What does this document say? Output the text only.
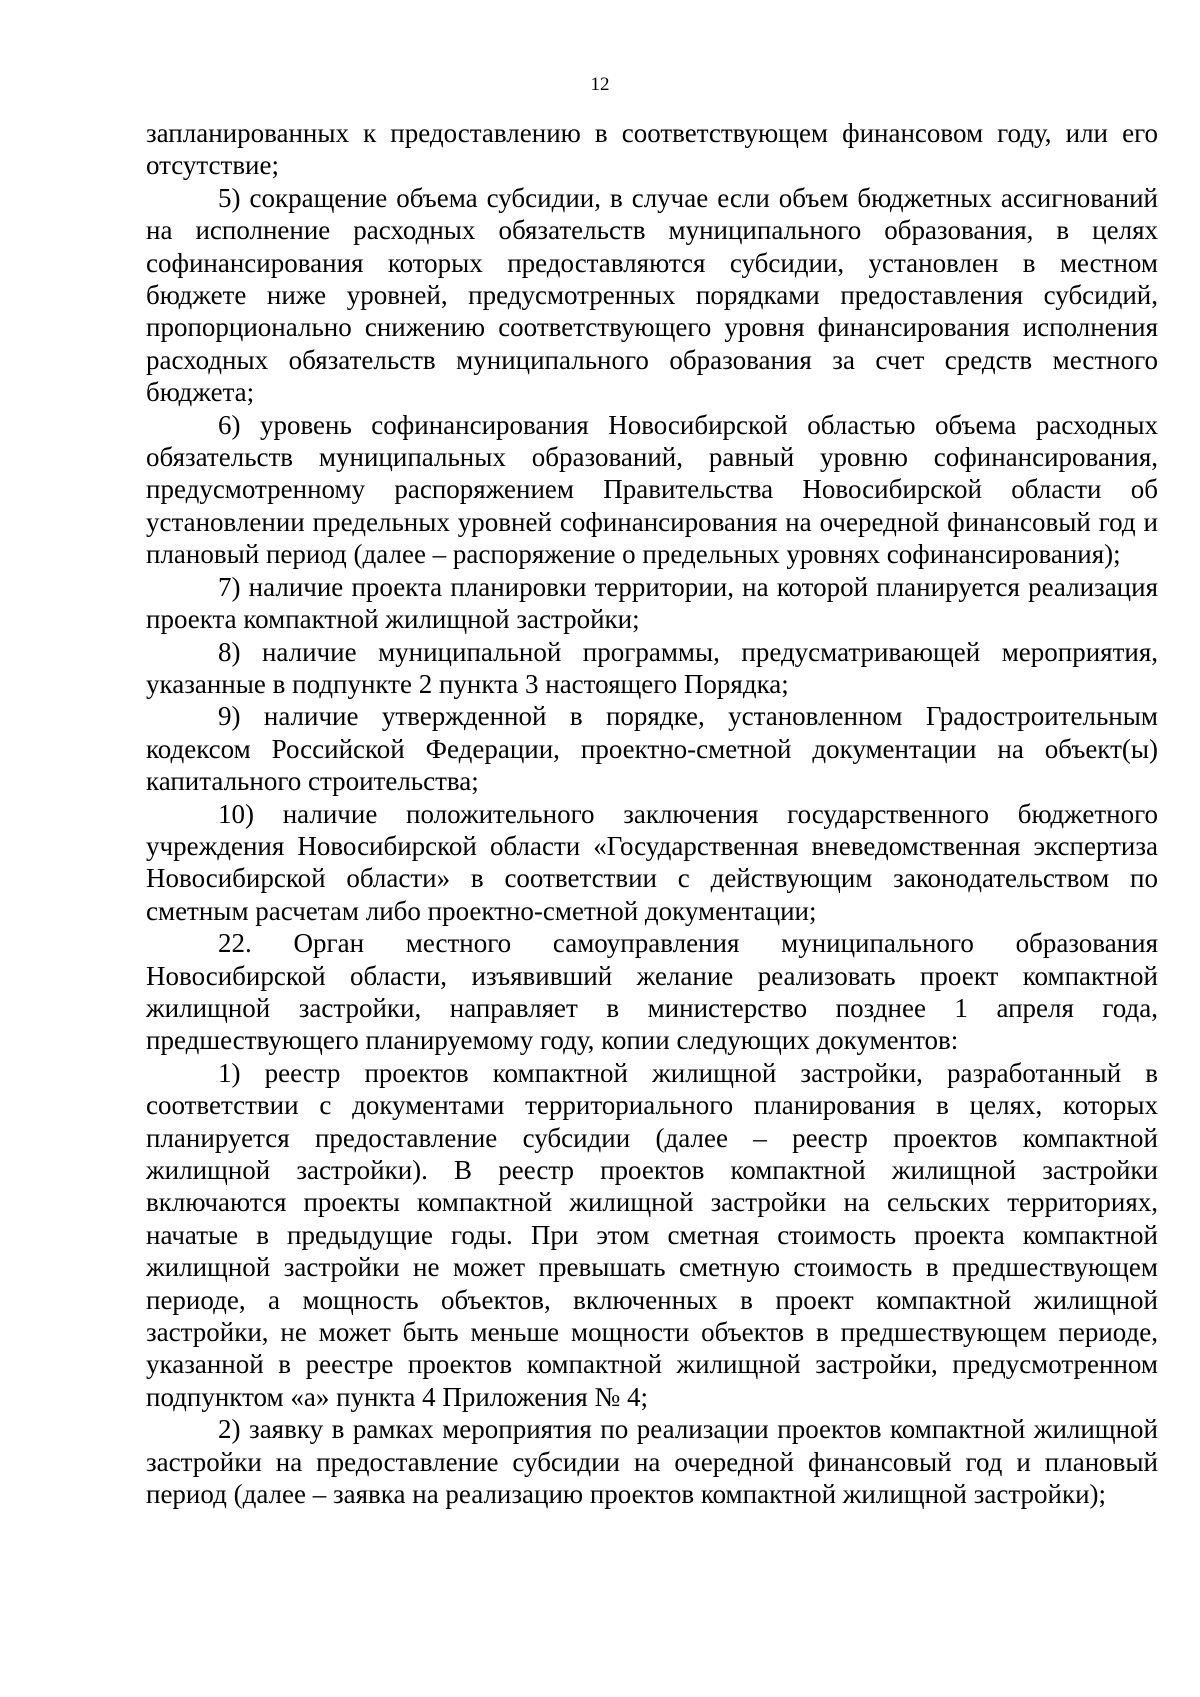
12

запланированных к предоставлению в соответствующем финансовом году, или его отсутствие;

5) сокращение объема субсидии, в случае если объем бюджетных ассигнований на исполнение расходных обязательств муниципального образования, в целях софинансирования которых предоставляются субсидии, установлен в местном бюджете ниже уровней, предусмотренных порядками предоставления субсидий, пропорционально снижению соответствующего уровня финансирования исполнения расходных обязательств муниципального образования за счет средств местного бюджета;

6) уровень софинансирования Новосибирской областью объема расходных обязательств муниципальных образований, равный уровню софинансирования, предусмотренному распоряжением Правительства Новосибирской области об установлении предельных уровней софинансирования на очередной финансовый год и плановый период (далее – распоряжение о предельных уровнях софинансирования);

7) наличие проекта планировки территории, на которой планируется реализация проекта компактной жилищной застройки;

8) наличие муниципальной программы, предусматривающей мероприятия, указанные в подпункте 2 пункта 3 настоящего Порядка;

9) наличие утвержденной в порядке, установленном Градостроительным кодексом Российской Федерации, проектно-сметной документации на объект(ы) капитального строительства;

10) наличие положительного заключения государственного бюджетного учреждения Новосибирской области «Государственная вневедомственная экспертиза Новосибирской области» в соответствии с действующим законодательством по сметным расчетам либо проектно-сметной документации;

22. Орган местного самоуправления муниципального образования Новосибирской области, изъявивший желание реализовать проект компактной жилищной застройки, направляет в министерство позднее 1 апреля года, предшествующего планируемому году, копии следующих документов:

1) реестр проектов компактной жилищной застройки, разработанный в соответствии с документами территориального планирования в целях, которых планируется предоставление субсидии (далее – реестр проектов компактной жилищной застройки). В реестр проектов компактной жилищной застройки включаются проекты компактной жилищной застройки на сельских территориях, начатые в предыдущие годы. При этом сметная стоимость проекта компактной жилищной застройки не может превышать сметную стоимость в предшествующем периоде, а мощность объектов, включенных в проект компактной жилищной застройки, не может быть меньше мощности объектов в предшествующем периоде, указанной в реестре проектов компактной жилищной застройки, предусмотренном подпунктом «а» пункта 4 Приложения № 4;

2) заявку в рамках мероприятия по реализации проектов компактной жилищной застройки на предоставление субсидии на очередной финансовый год и плановый период (далее – заявка на реализацию проектов компактной жилищной застройки);
